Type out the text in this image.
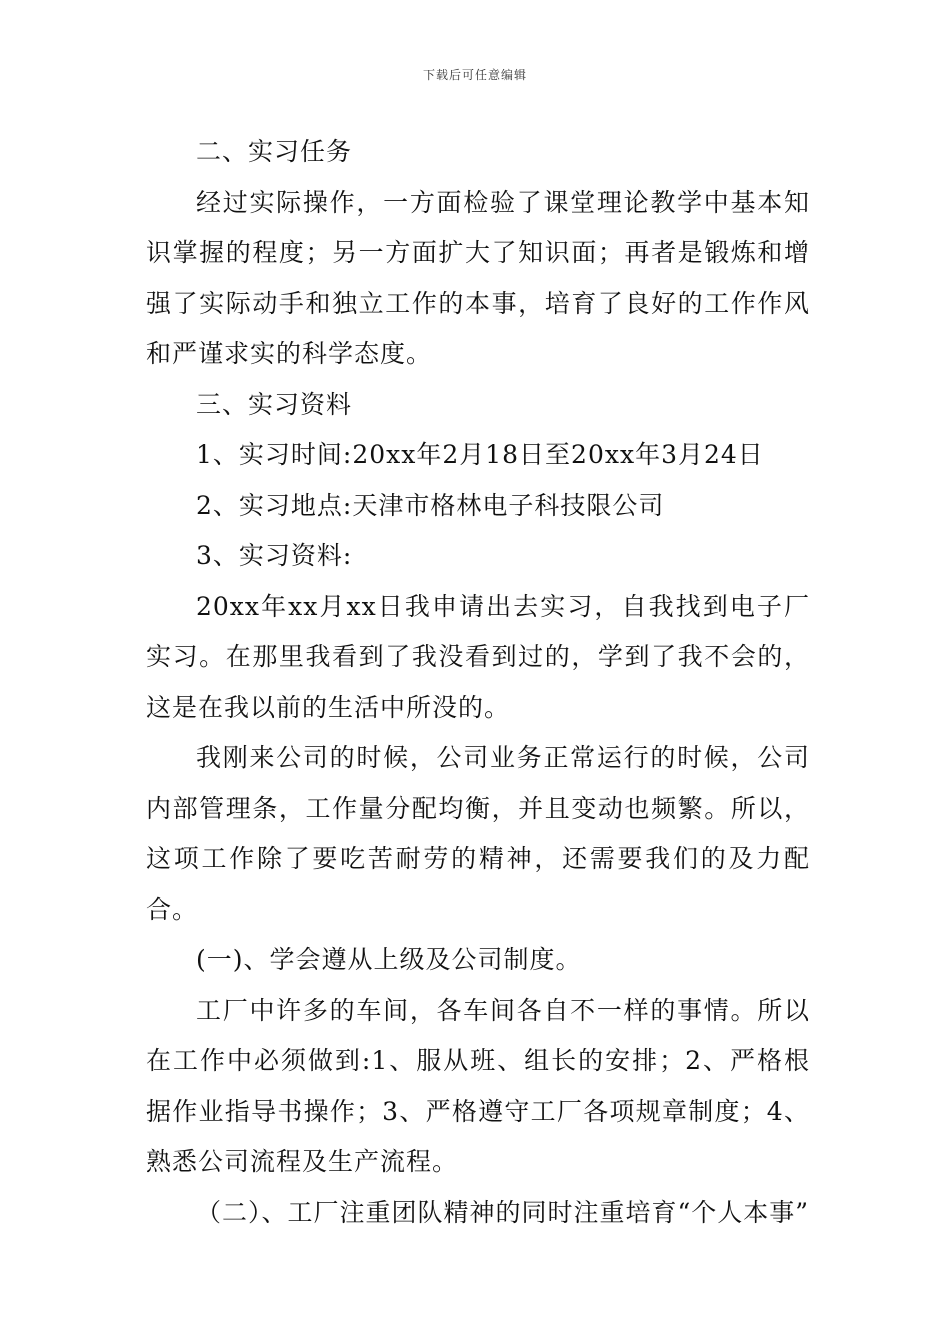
下载后可任意编辑

二、实习任务

经过实际操作，一方面检验了课堂理论教学中基本知识掌握的程度；另一方面扩大了知识面；再者是锻炼和增强了实际动手和独立工作的本事，培育了良好的工作作风和严谨求实的科学态度。

三、实习资料

1、实习时间:20xx年2月18日至20xx年3月24日

2、实习地点:天津市格林电子科技限公司

3、实习资料:

20xx年xx月xx日我申请出去实习，自我找到电子厂实习。在那里我看到了我没看到过的，学到了我不会的，这是在我以前的生活中所没的。

我刚来公司的时候，公司业务正常运行的时候，公司内部管理条，工作量分配均衡，并且变动也频繁。所以，这项工作除了要吃苦耐劳的精神，还需要我们的及力配合。

(一)、学会遵从上级及公司制度。

工厂中许多的车间，各车间各自不一样的事情。所以在工作中必须做到:1、服从班、组长的安排；2、严格根据作业指导书操作；3、严格遵守工厂各项规章制度；4、熟悉公司流程及生产流程。

（二）、工厂注重团队精神的同时注重培育“个人本事”
